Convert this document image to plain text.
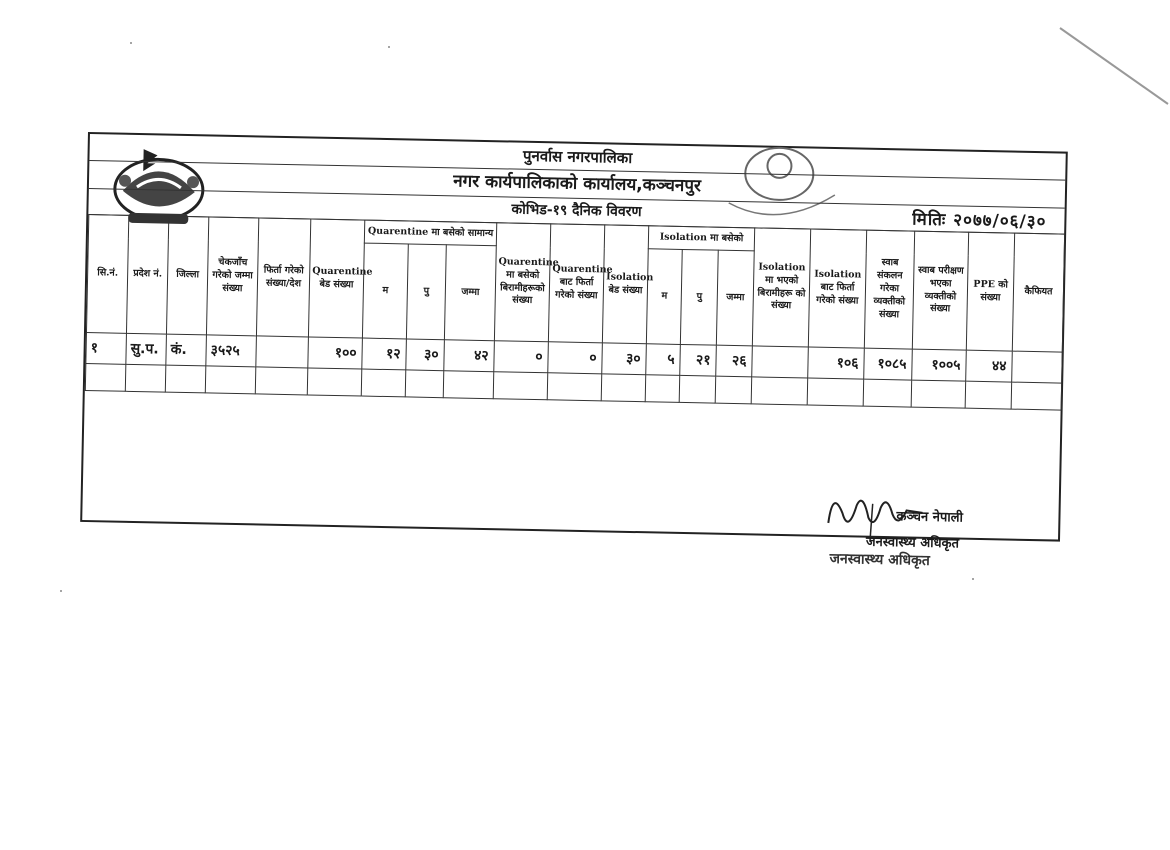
पुनर्वास नगरपालिका
नगर कार्यपालिकाको कार्यालय,कञ्चनपुर
कोभिड-१९ दैनिक विवरण	मितिः २०७७/०६/३०
सि.नं.	प्रदेश नं.	जिल्ला	चेकजाँच गरेको जम्मा संख्या	फिर्ता गरेको संख्या/देश	Quarentine बेड संख्या	Quarentine मा बसेको सामान्य			Quarentine मा बसेको बिरामीहरूको संख्या	Quarentine बाट फिर्ता गरेको संख्या	Isolation बेड संख्या	Isolation मा बसेको			Isolation मा भएको बिरामीहरू को संख्या	Isolation बाट फिर्ता गरेको संख्या	स्वाब संकलन गरेका व्यक्तीको संख्या	स्वाब परीक्षण भएका व्यक्तीको संख्या	PPE को संख्या	कैफियत
						म	पु	जम्मा				म	पु	जम्मा						
१	सु.प.	कं.	३५२५		१००	१२	३०	४२	०	०	३०	५	२१	२६		१०६	१०८५	१००५	४४	

कञ्चन नेपाली
जनस्वास्थ्य अधिकृत
जनस्वास्थ्य अधिकृत
